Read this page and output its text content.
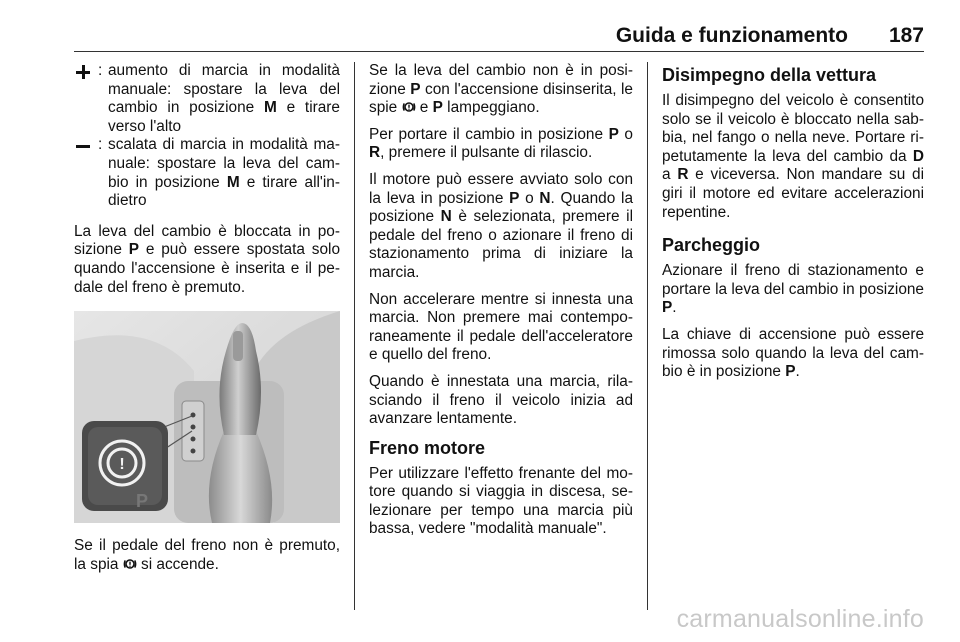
Guida e funzionamento 187
: aumento di marcia in modalità manuale: spostare la leva del cambio in posizione M e tirare verso l'alto
: scalata di marcia in modalità manuale: spostare la leva del cambio in posizione M e tirare all'indietro

La leva del cambio è bloccata in posizione P e può essere spostata solo quando l'accensione è inserita e il pedale del freno è premuto.

!
P

Se il pedale del freno non è premuto, la spia  si accende.

Se la leva del cambio non è in posizione P con l'accensione disinserita, le spie  e P lampeggiano.

Per portare il cambio in posizione P o R, premere il pulsante di rilascio.

Il motore può essere avviato solo con la leva in posizione P o N. Quando la posizione N è selezionata, premere il pedale del freno o azionare il freno di stazionamento prima di iniziare la marcia.

Non accelerare mentre si innesta una marcia. Non premere mai contemporaneamente il pedale dell'acceleratore e quello del freno.

Quando è innestata una marcia, rilasciando il freno il veicolo inizia ad avanzare lentamente.

Freno motore

Per utilizzare l'effetto frenante del motore quando si viaggia in discesa, selezionare per tempo una marcia più bassa, vedere "modalità manuale".

Disimpegno della vettura

Il disimpegno del veicolo è consentito solo se il veicolo è bloccato nella sabbia, nel fango o nella neve. Portare ripetutamente la leva del cambio da D a R e viceversa. Non mandare su di giri il motore ed evitare accelerazioni repentine.

Parcheggio

Azionare il freno di stazionamento e portare la leva del cambio in posizione P.

La chiave di accensione può essere rimossa solo quando la leva del cambio è in posizione P.

carmanualsonline.info
